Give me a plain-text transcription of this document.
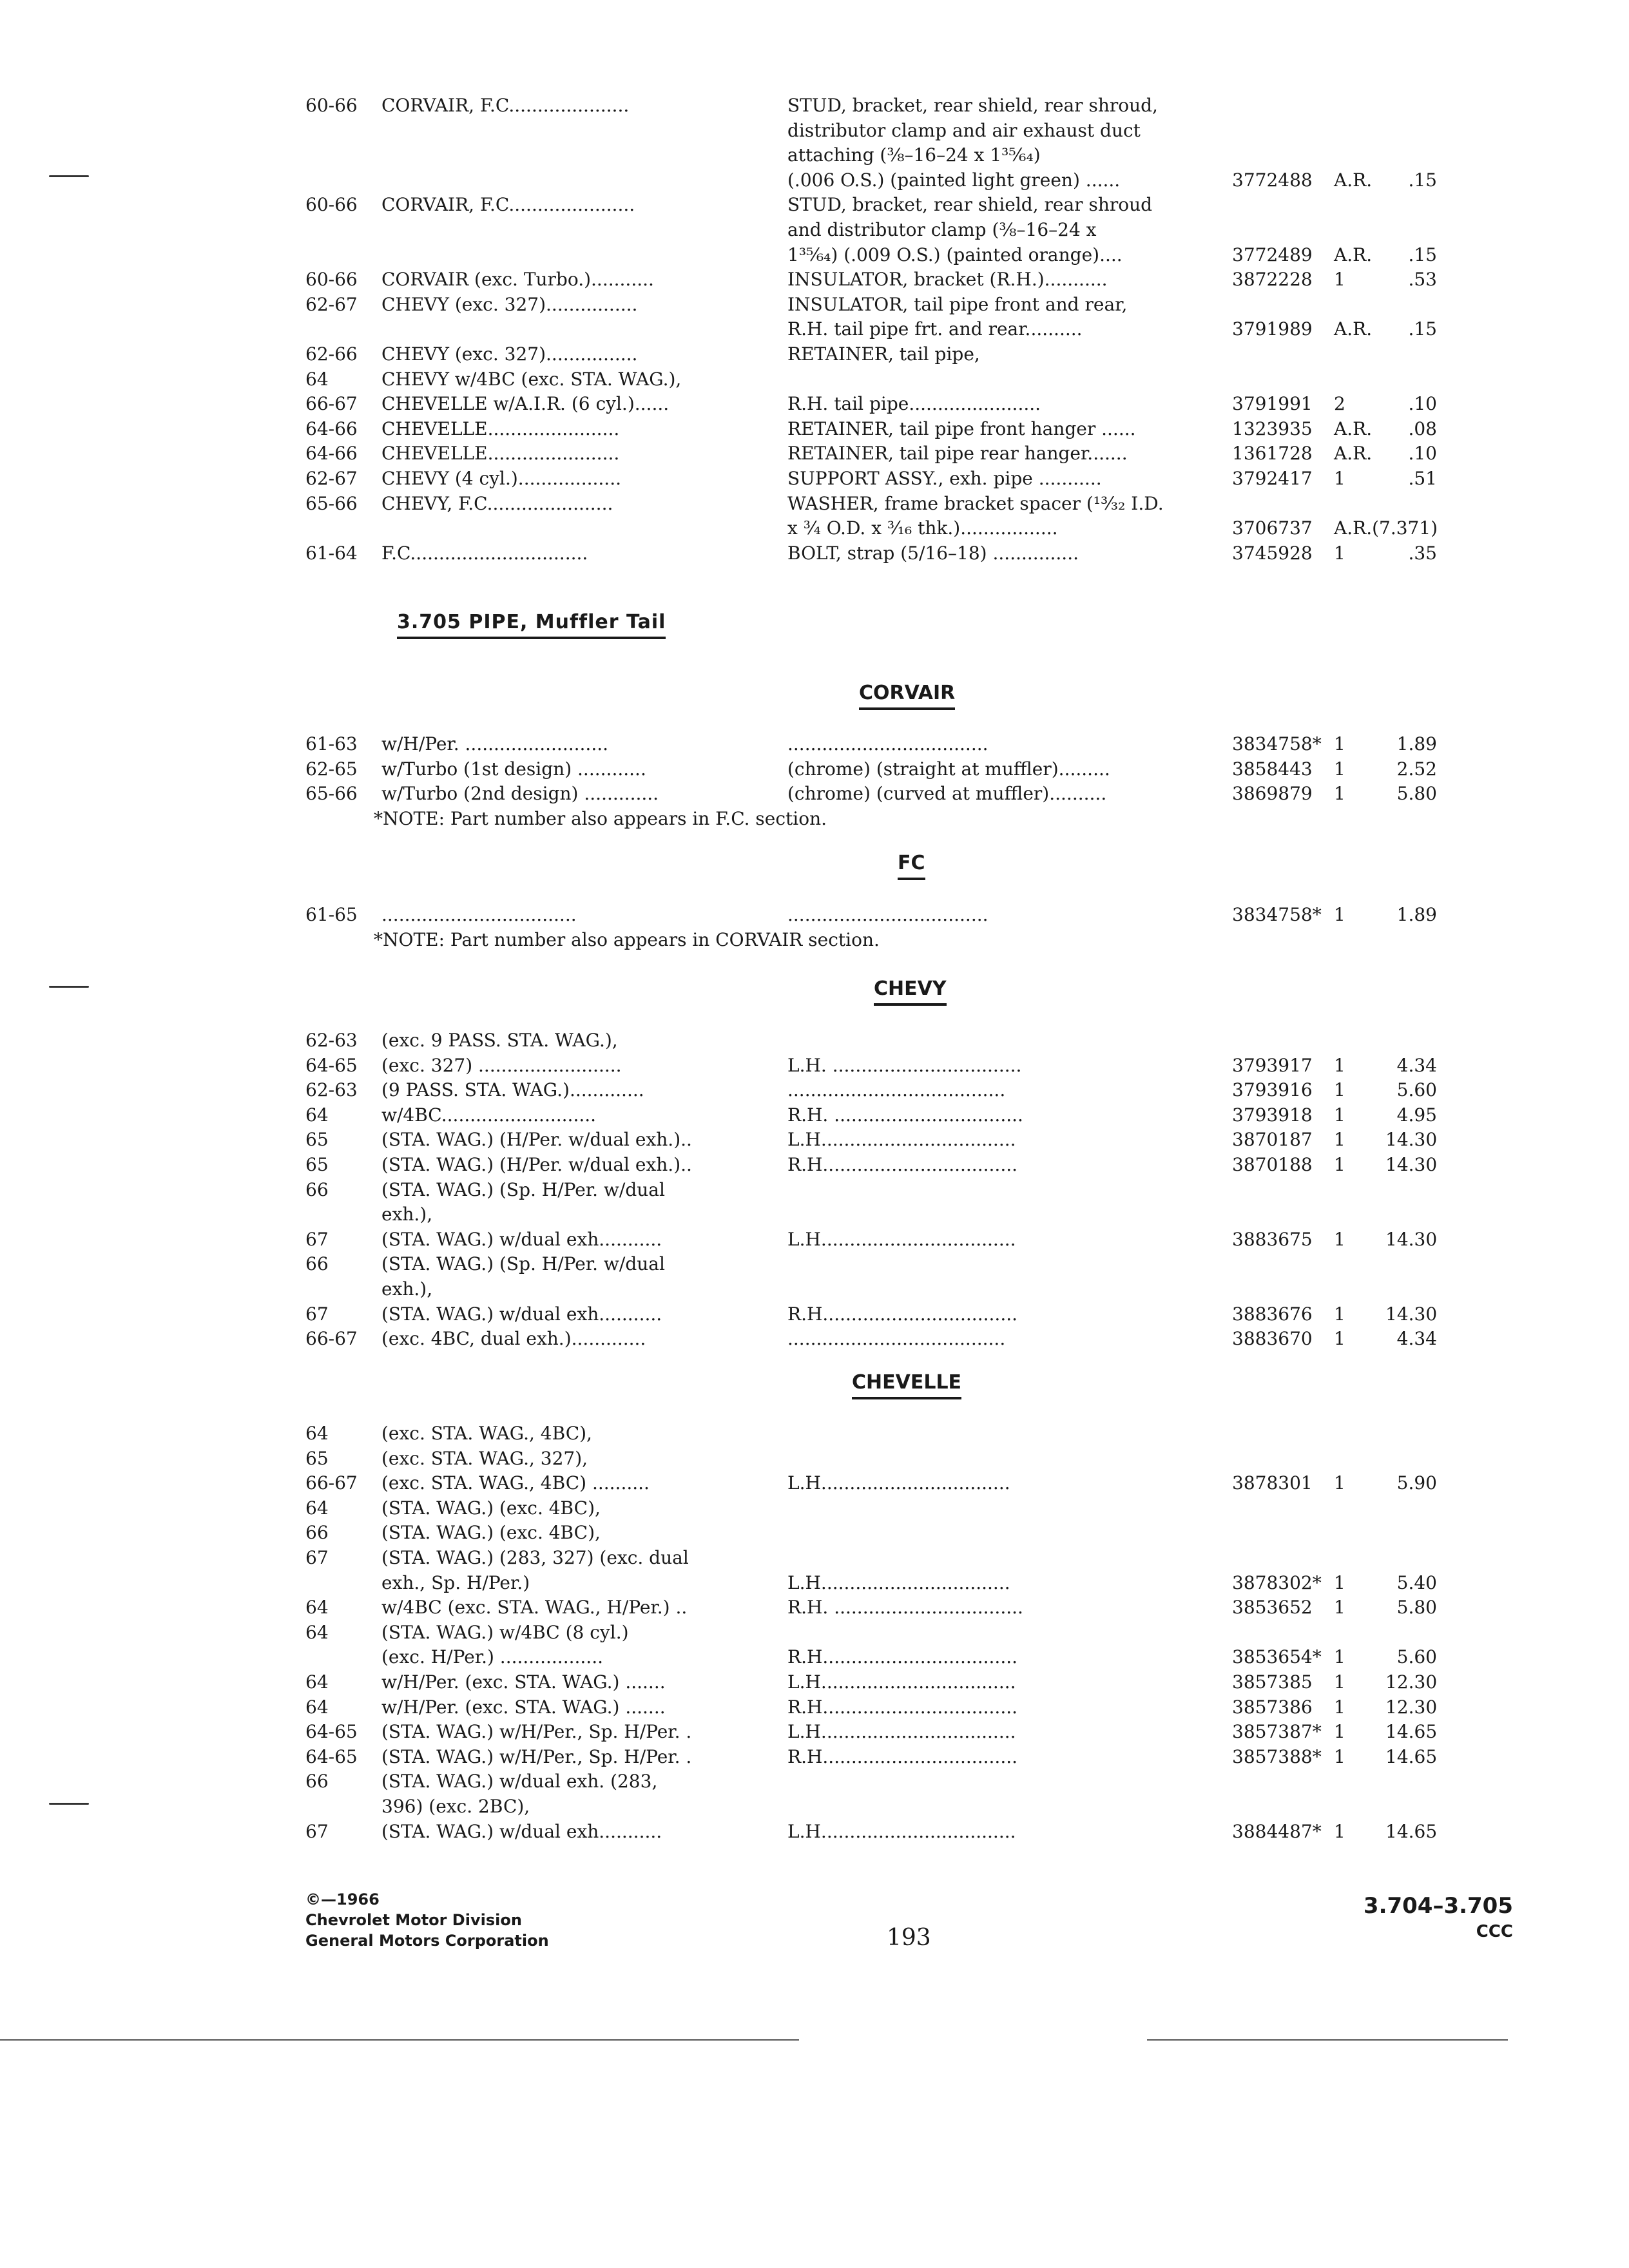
60-66	CORVAIR, F.C.....................	STUD, bracket, rear shield, rear shroud,
distributor clamp and air exhaust duct
attaching (⅜–16–24 x 1³⁵⁄₆₄)
(.006 O.S.) (painted light green) ......	3772488	A.R.	.15
60-66	CORVAIR, F.C......................	STUD, bracket, rear shield, rear shroud
and distributor clamp (⅜–16–24 x
1³⁵⁄₆₄) (.009 O.S.) (painted orange)....	3772489	A.R.	.15
60-66	CORVAIR (exc. Turbo.)...........	INSULATOR, bracket (R.H.)...........	3872228	1	.53
62-67	CHEVY (exc. 327)................	INSULATOR, tail pipe front and rear,
R.H. tail pipe frt. and rear..........	3791989	A.R.	.15
62-66	CHEVY (exc. 327)................	RETAINER, tail pipe,
64	CHEVY w/4BC (exc. STA. WAG.),
66-67	CHEVELLE w/A.I.R. (6 cyl.)......	R.H. tail pipe.......................	3791991	2	.10
64-66	CHEVELLE.......................	RETAINER, tail pipe front hanger ......	1323935	A.R.	.08
64-66	CHEVELLE.......................	RETAINER, tail pipe rear hanger.......	1361728	A.R.	.10
62-67	CHEVY (4 cyl.)..................	SUPPORT ASSY., exh. pipe ...........	3792417	1	.51
65-66	CHEVY, F.C......................	WASHER, frame bracket spacer (¹³⁄₃₂ I.D.
x ¾ O.D. x ³⁄₁₆ thk.).................	3706737	A.R.(7.371)
61-64	F.C...............................	BOLT, strap (5/16–18) ...............	3745928	1	.35
3.705 PIPE, Muffler Tail
CORVAIR
61-63	w/H/Per. .........................	...................................	3834758* 1	1.89
62-65	w/Turbo (1st design) ............	(chrome) (straight at muffler).........	3858443	1	2.52
65-66	w/Turbo (2nd design) .............	(chrome) (curved at muffler)..........	3869879	1	5.80
*NOTE: Part number also appears in F.C. section.
FC
61-65	..................................	...................................	3834758* 1	1.89
*NOTE: Part number also appears in CORVAIR section.
CHEVY
62-63	(exc. 9 PASS. STA. WAG.),
64-65	(exc. 327) .........................	L.H. .................................	3793917	1	4.34
62-63	(9 PASS. STA. WAG.).............	......................................	3793916	1	5.60
64	w/4BC...........................	R.H. .................................	3793918	1	4.95
65	(STA. WAG.) (H/Per. w/dual exh.)..	L.H..................................	3870187	1	14.30
65	(STA. WAG.) (H/Per. w/dual exh.)..	R.H..................................	3870188	1	14.30
66	(STA. WAG.) (Sp. H/Per. w/dual
exh.),
67	(STA. WAG.) w/dual exh...........	L.H..................................	3883675	1	14.30
66	(STA. WAG.) (Sp. H/Per. w/dual
exh.),
67	(STA. WAG.) w/dual exh...........	R.H..................................	3883676	1	14.30
66-67	(exc. 4BC, dual exh.).............	......................................	3883670	1	4.34
CHEVELLE
64	(exc. STA. WAG., 4BC),
65	(exc. STA. WAG., 327),
66-67	(exc. STA. WAG., 4BC) ..........	L.H.................................	3878301	1	5.90
64	(STA. WAG.) (exc. 4BC),
66	(STA. WAG.) (exc. 4BC),
67	(STA. WAG.) (283, 327) (exc. dual
exh., Sp. H/Per.)	L.H.................................	3878302* 1	5.40
64	w/4BC (exc. STA. WAG., H/Per.) ..	R.H. .................................	3853652	1	5.80
64	(STA. WAG.) w/4BC (8 cyl.)
(exc. H/Per.) ..................	R.H..................................	3853654* 1	5.60
64	w/H/Per. (exc. STA. WAG.) .......	L.H..................................	3857385	1	12.30
64	w/H/Per. (exc. STA. WAG.) .......	R.H..................................	3857386	1	12.30
64-65	(STA. WAG.) w/H/Per., Sp. H/Per. .	L.H..................................	3857387* 1	14.65
64-65	(STA. WAG.) w/H/Per., Sp. H/Per. .	R.H..................................	3857388* 1	14.65
66	(STA. WAG.) w/dual exh. (283,
396) (exc. 2BC),
67	(STA. WAG.) w/dual exh...........	L.H..................................	3884487* 1	14.65
©—1966
Chevrolet Motor Division
General Motors Corporation	193
3.704–3.705
CCC
